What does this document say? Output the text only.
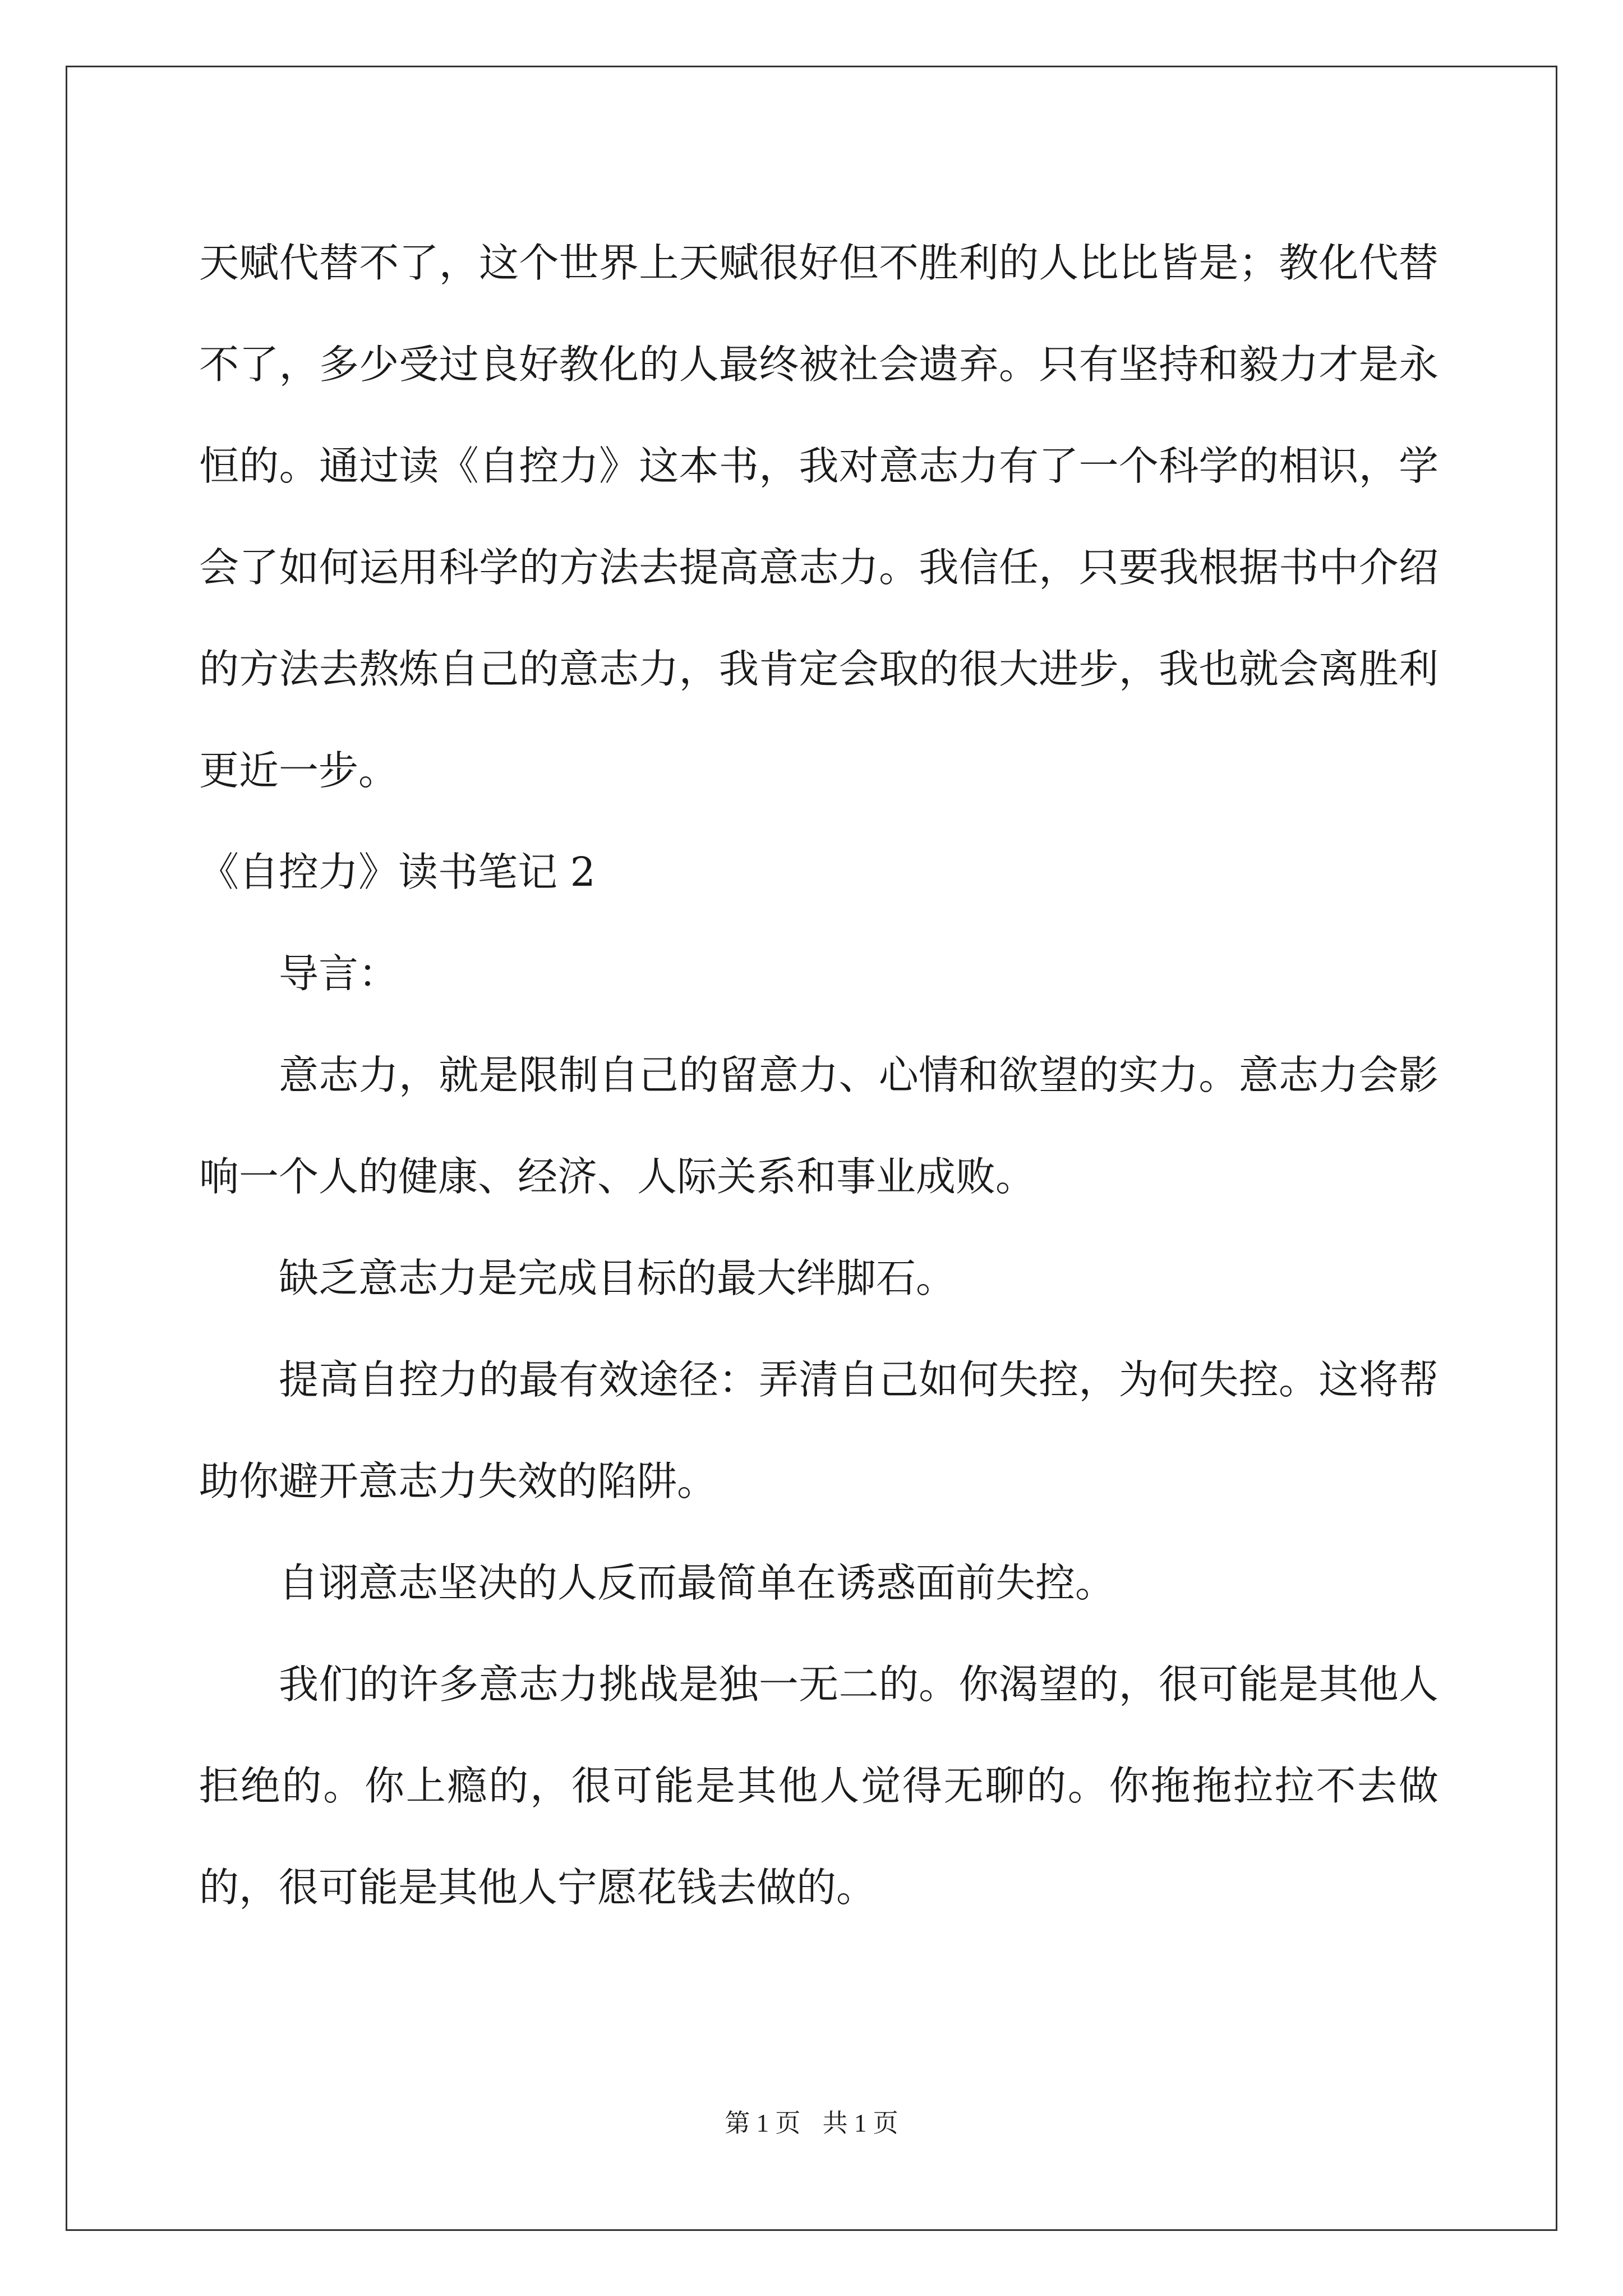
天赋代替不了，这个世界上天赋很好但不胜利的人比比皆是；教化代替不了，多少受过良好教化的人最终被社会遗弃。只有坚持和毅力才是永恒的。通过读《自控力》这本书，我对意志力有了一个科学的相识，学会了如何运用科学的方法去提高意志力。我信任，只要我根据书中介绍的方法去熬炼自己的意志力，我肯定会取的很大进步，我也就会离胜利更近一步。

《自控力》读书笔记 2

导言：

意志力，就是限制自己的留意力、心情和欲望的实力。意志力会影响一个人的健康、经济、人际关系和事业成败。

缺乏意志力是完成目标的最大绊脚石。

提高自控力的最有效途径：弄清自己如何失控，为何失控。这将帮助你避开意志力失效的陷阱。

自诩意志坚决的人反而最简单在诱惑面前失控。

我们的许多意志力挑战是独一无二的。你渴望的，很可能是其他人拒绝的。你上瘾的，很可能是其他人觉得无聊的。你拖拖拉拉不去做的，很可能是其他人宁愿花钱去做的。

第 1 页 共 1 页
